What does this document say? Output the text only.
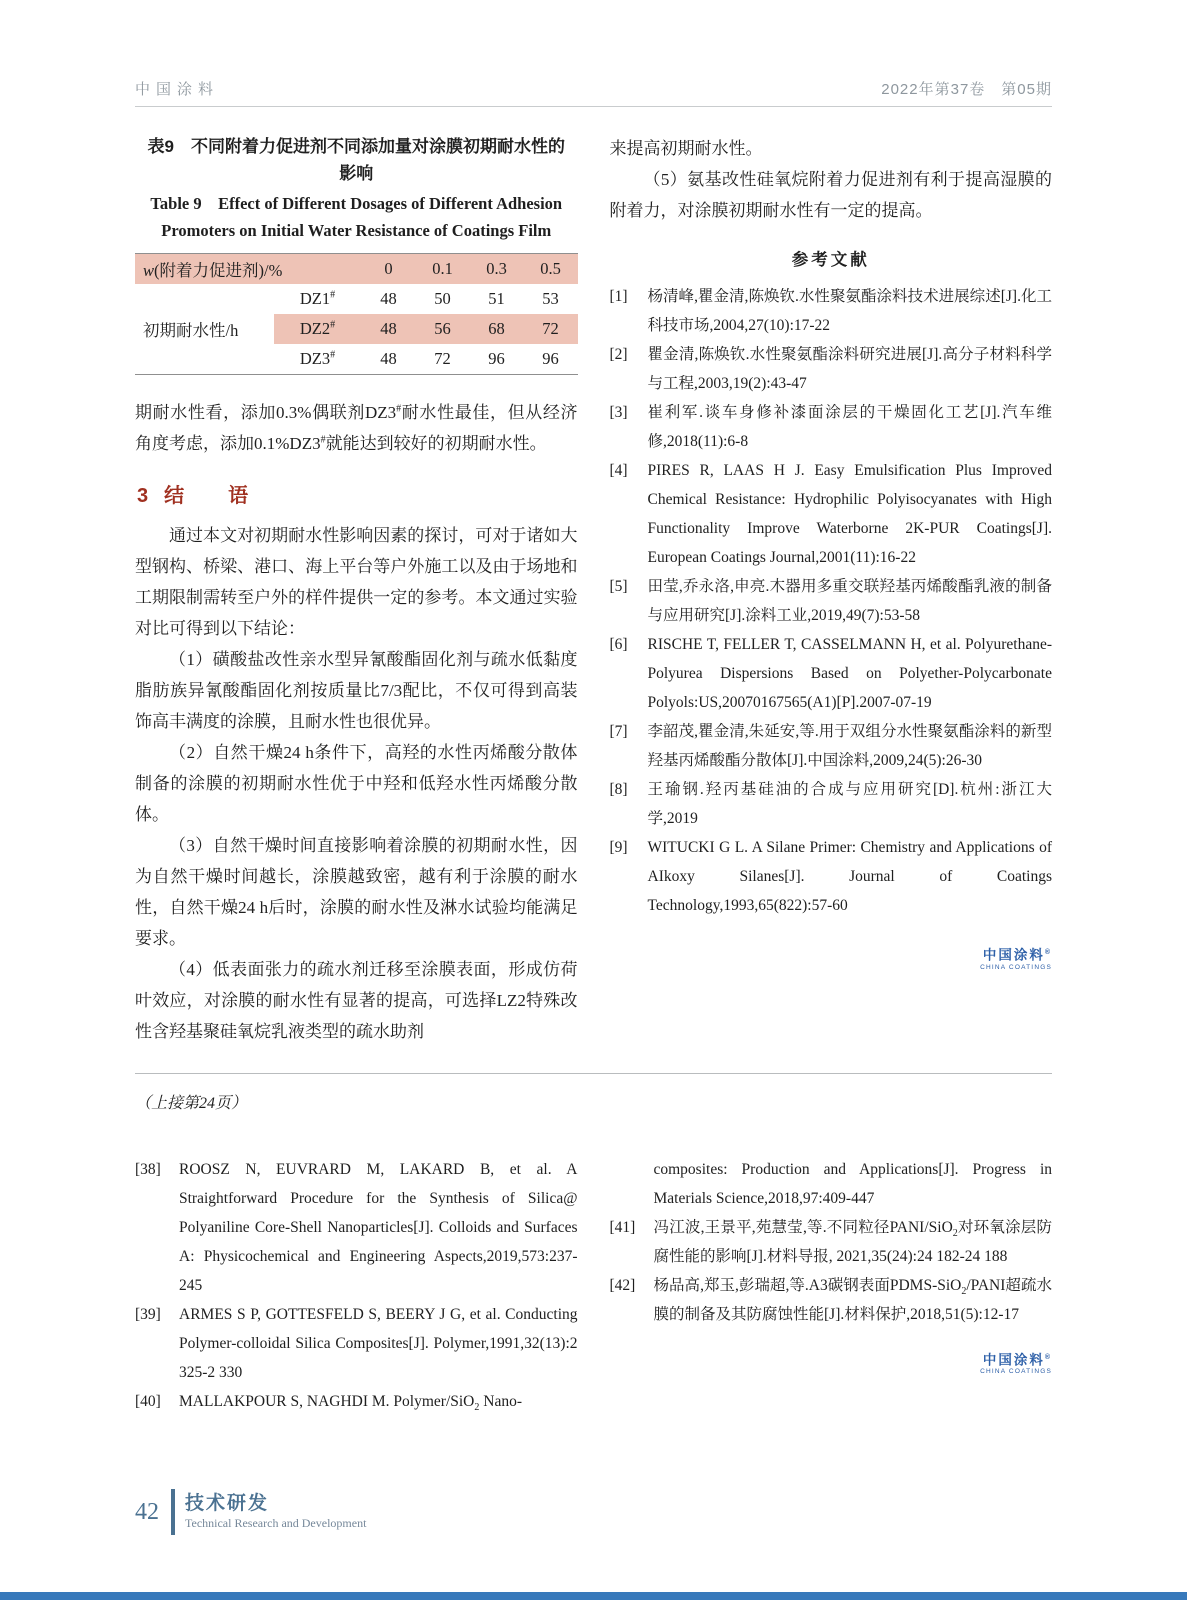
中国涂料	2022年第37卷　第05期
表9　不同附着力促进剂不同添加量对涂膜初期耐水性的影响
Table 9　Effect of Different Dosages of Different Adhesion Promoters on Initial Water Resistance of Coatings Film
w(附着力促进剂)/%		0	0.1	0.3	0.5
初期耐水性/h	DZ1#	48	50	51	53
	DZ2#	48	56	68	72
	DZ3#	48	72	96	96

期耐水性看，添加0.3%偶联剂DZ3#耐水性最佳，但从经济角度考虑，添加0.1%DZ3#就能达到较好的初期耐水性。

3 结　语

通过本文对初期耐水性影响因素的探讨，可对于诸如大型钢构、桥梁、港口、海上平台等户外施工以及由于场地和工期限制需转至户外的样件提供一定的参考。本文通过实验对比可得到以下结论：

（1）磺酸盐改性亲水型异氰酸酯固化剂与疏水低黏度脂肪族异氰酸酯固化剂按质量比7/3配比，不仅可得到高装饰高丰满度的涂膜，且耐水性也很优异。

（2）自然干燥24 h条件下，高羟的水性丙烯酸分散体制备的涂膜的初期耐水性优于中羟和低羟水性丙烯酸分散体。

（3）自然干燥时间直接影响着涂膜的初期耐水性，因为自然干燥时间越长，涂膜越致密，越有利于涂膜的耐水性，自然干燥24 h后时，涂膜的耐水性及淋水试验均能满足要求。

（4）低表面张力的疏水剂迁移至涂膜表面，形成仿荷叶效应，对涂膜的耐水性有显著的提高，可选择LZ2特殊改性含羟基聚硅氧烷乳液类型的疏水助剂

来提高初期耐水性。

（5）氨基改性硅氧烷附着力促进剂有利于提高湿膜的附着力，对涂膜初期耐水性有一定的提高。

参考文献
[1] 杨清峰,瞿金清,陈焕钦.水性聚氨酯涂料技术进展综述[J].化工科技市场,2004,27(10):17-22
[2] 瞿金清,陈焕钦.水性聚氨酯涂料研究进展[J].高分子材料科学与工程,2003,19(2):43-47
[3] 崔利军.谈车身修补漆面涂层的干燥固化工艺[J].汽车维修,2018(11):6-8
[4] PIRES R, LAAS H J. Easy Emulsification Plus Improved Chemical Resistance: Hydrophilic Polyisocyanates with High Functionality Improve Waterborne 2K-PUR Coatings[J]. European Coatings Journal,2001(11):16-22
[5] 田莹,乔永洛,申亮.木器用多重交联羟基丙烯酸酯乳液的制备与应用研究[J].涂料工业,2019,49(7):53-58
[6] RISCHE T, FELLER T, CASSELMANN H, et al. Polyurethane-Polyurea Dispersions Based on Polyether-Polycarbonate Polyols:US,20070167565(A1)[P].2007-07-19
[7] 李韶茂,瞿金清,朱延安,等.用于双组分水性聚氨酯涂料的新型羟基丙烯酸酯分散体[J].中国涂料,2009,24(5):26-30
[8] 王瑜钢.羟丙基硅油的合成与应用研究[D].杭州:浙江大学,2019
[9] WITUCKI G L. A Silane Primer: Chemistry and Applications of AIkoxy Silanes[J]. Journal of Coatings Technology,1993,65(822):57-60
中国涂料®
CHINA COATINGS
（上接第24页）
[38] ROOSZ N, EUVRARD M, LAKARD B, et al. A Straightforward Procedure for the Synthesis of Silica@ Polyaniline Core-Shell Nanoparticles[J]. Colloids and Surfaces A: Physicochemical and Engineering Aspects,2019,573:237-245
[39] ARMES S P, GOTTESFELD S, BEERY J G, et al. Conducting Polymer-colloidal Silica Composites[J]. Polymer,1991,32(13):2 325-2 330
[40] MALLAKPOUR S, NAGHDI M. Polymer/SiO$_2$ Nano-
composites: Production and Applications[J]. Progress in Materials Science,2018,97:409-447
[41] 冯江波,王景平,苑慧莹,等.不同粒径PANI/SiO$_2$对环氧涂层防腐性能的影响[J].材料导报, 2021,35(24):24 182-24 188
[42] 杨品高,郑玉,彭瑞超,等.A3碳钢表面PDMS-SiO$_2$/PANI超疏水膜的制备及其防腐蚀性能[J].材料保护,2018,51(5):12-17
中国涂料®
CHINA COATINGS
42 技术研发
Technical Research and Development
